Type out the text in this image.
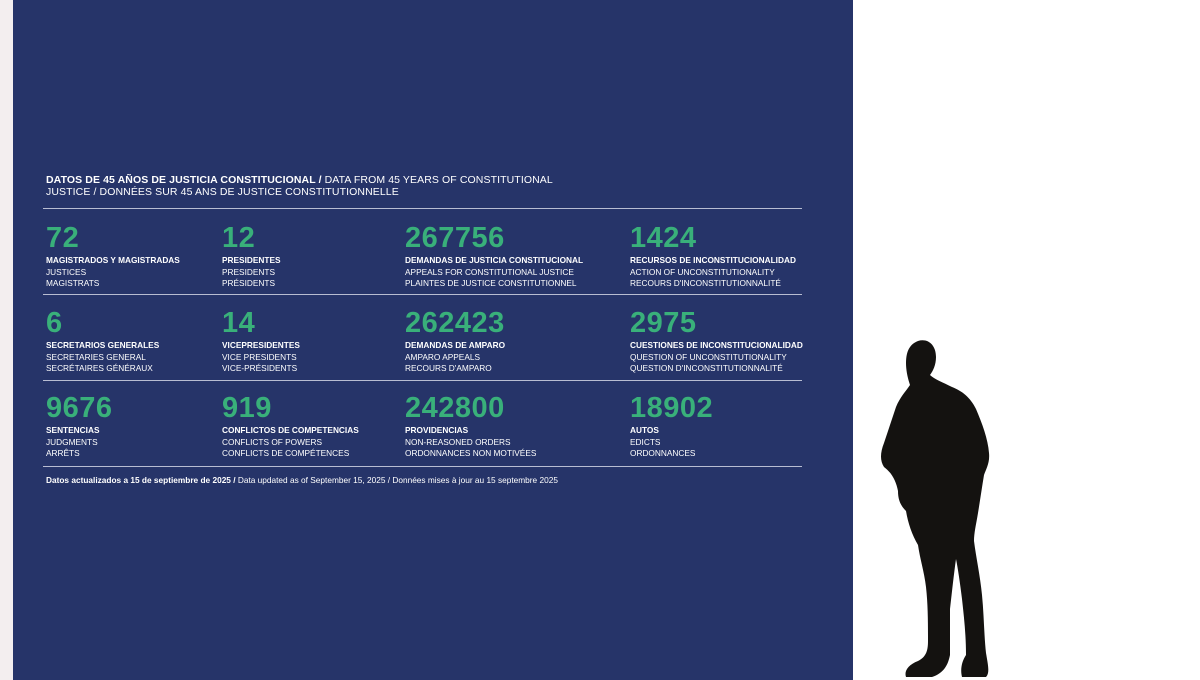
DATOS DE 45 AÑOS DE JUSTICIA CONSTITUCIONAL / DATA FROM 45 YEARS OF CONSTITUTIONAL JUSTICE / DONNÉES SUR 45 ANS DE JUSTICE CONSTITUTIONNELLE
72
MAGISTRADOS Y MAGISTRADAS
JUSTICES
MAGISTRATS
12
PRESIDENTES
PRESIDENTS
PRÉSIDENTS
267756
DEMANDAS DE JUSTICIA CONSTITUCIONAL
APPEALS FOR CONSTITUTIONAL JUSTICE
PLAINTES DE JUSTICE CONSTITUTIONNEL
1424
RECURSOS DE INCONSTITUCIONALIDAD
ACTION OF UNCONSTITUTIONALITY
RECOURS D'INCONSTITUTIONNALITÉ
6
SECRETARIOS GENERALES
SECRETARIES GENERAL
SECRÉTAIRES GÉNÉRAUX
14
VICEPRESIDENTES
VICE PRESIDENTS
VICE-PRÉSIDENTS
262423
DEMANDAS DE AMPARO
AMPARO APPEALS
RECOURS D'AMPARO
2975
CUESTIONES DE INCONSTITUCIONALIDAD
QUESTION OF UNCONSTITUTIONALITY
QUESTION D'INCONSTITUTIONNALITÉ
9676
SENTENCIAS
JUDGMENTS
ARRÊTS
919
CONFLICTOS DE COMPETENCIAS
CONFLICTS OF POWERS
CONFLICTS DE COMPÉTENCES
242800
PROVIDENCIAS
NON-REASONED ORDERS
ORDONNANCES NON MOTIVÉES
18902
AUTOS
EDICTS
ORDONNANCES
Datos actualizados a 15 de septiembre de 2025 / Data updated as of September 15, 2025 / Données mises à jour au 15 septembre 2025
